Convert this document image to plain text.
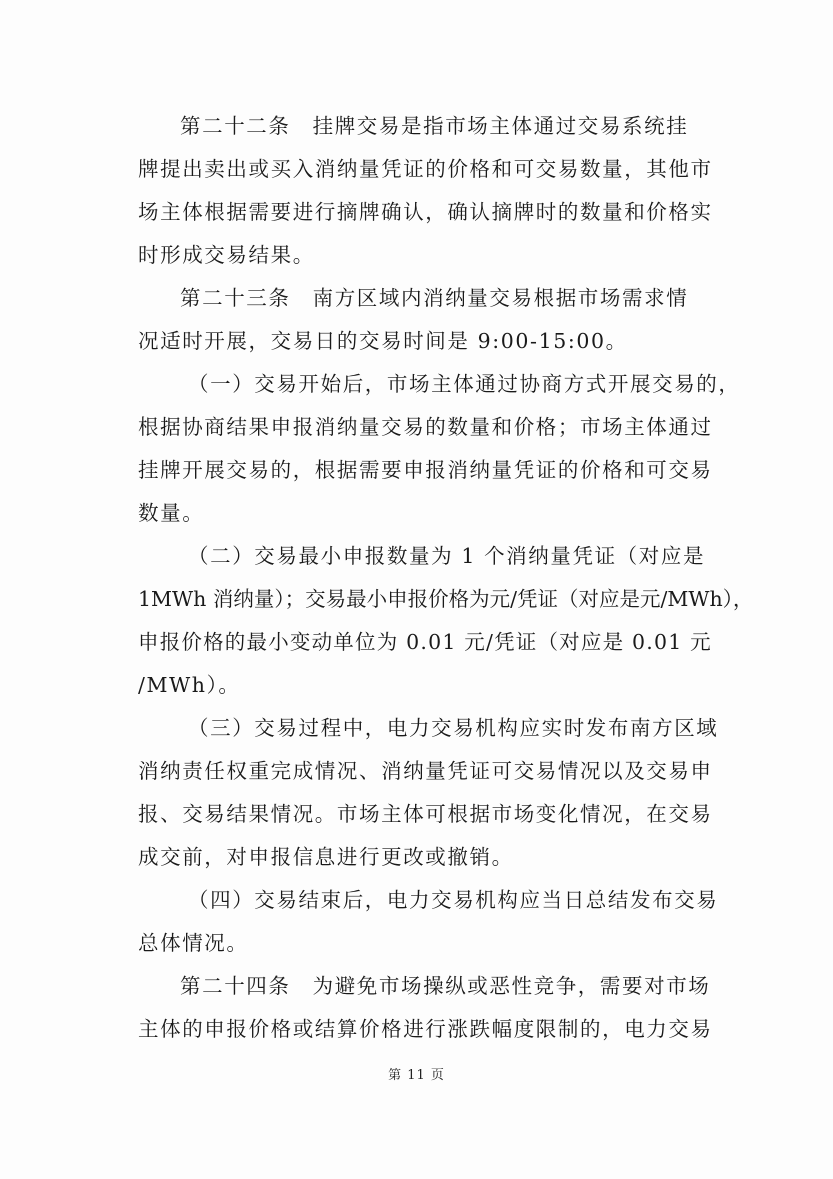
第二十二条　挂牌交易是指市场主体通过交易系统挂
牌提出卖出或买入消纳量凭证的价格和可交易数量，其他市
场主体根据需要进行摘牌确认，确认摘牌时的数量和价格实
时形成交易结果。
第二十三条　南方区域内消纳量交易根据市场需求情
况适时开展，交易日的交易时间是 9:00-15:00。
（一）交易开始后，市场主体通过协商方式开展交易的，
根据协商结果申报消纳量交易的数量和价格；市场主体通过
挂牌开展交易的，根据需要申报消纳量凭证的价格和可交易
数量。
（二）交易最小申报数量为 1 个消纳量凭证（对应是
1MWh 消纳量）；交易最小申报价格为元/凭证（对应是元/MWh），
申报价格的最小变动单位为 0.01 元/凭证（对应是 0.01 元
/MWh）。
（三）交易过程中，电力交易机构应实时发布南方区域
消纳责任权重完成情况、消纳量凭证可交易情况以及交易申
报、交易结果情况。市场主体可根据市场变化情况，在交易
成交前，对申报信息进行更改或撤销。
（四）交易结束后，电力交易机构应当日总结发布交易
总体情况。
第二十四条　为避免市场操纵或恶性竞争，需要对市场
主体的申报价格或结算价格进行涨跌幅度限制的，电力交易
第 11 页
